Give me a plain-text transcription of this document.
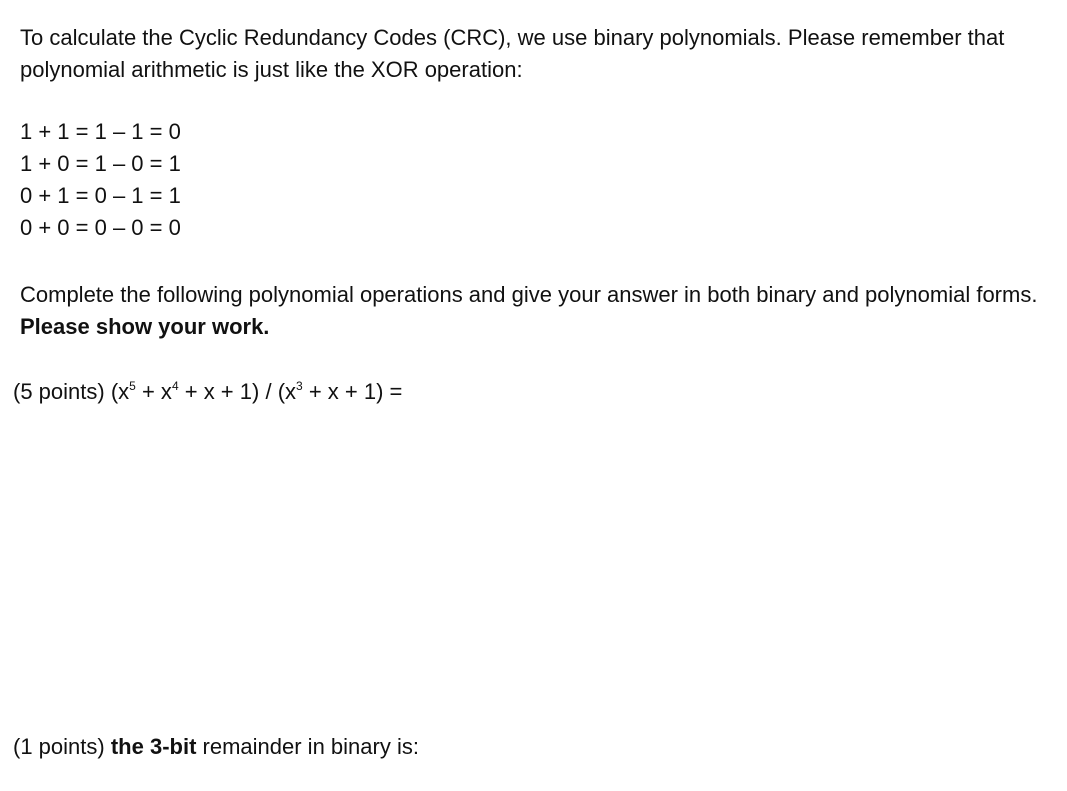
To calculate the Cyclic Redundancy Codes (CRC), we use binary polynomials. Please remember that polynomial arithmetic is just like the XOR operation:

1 + 1 = 1 – 1 = 0
1 + 0 = 1 – 0 = 1
0 + 1 = 0 – 1 = 1
0 + 0 = 0 – 0 = 0

Complete the following polynomial operations and give your answer in both binary and polynomial forms. Please show your work.

(5 points) $(x^5 + x^4 + x + 1) / (x^3 + x + 1)$ =

(1 points) the 3-bit remainder in binary is:
